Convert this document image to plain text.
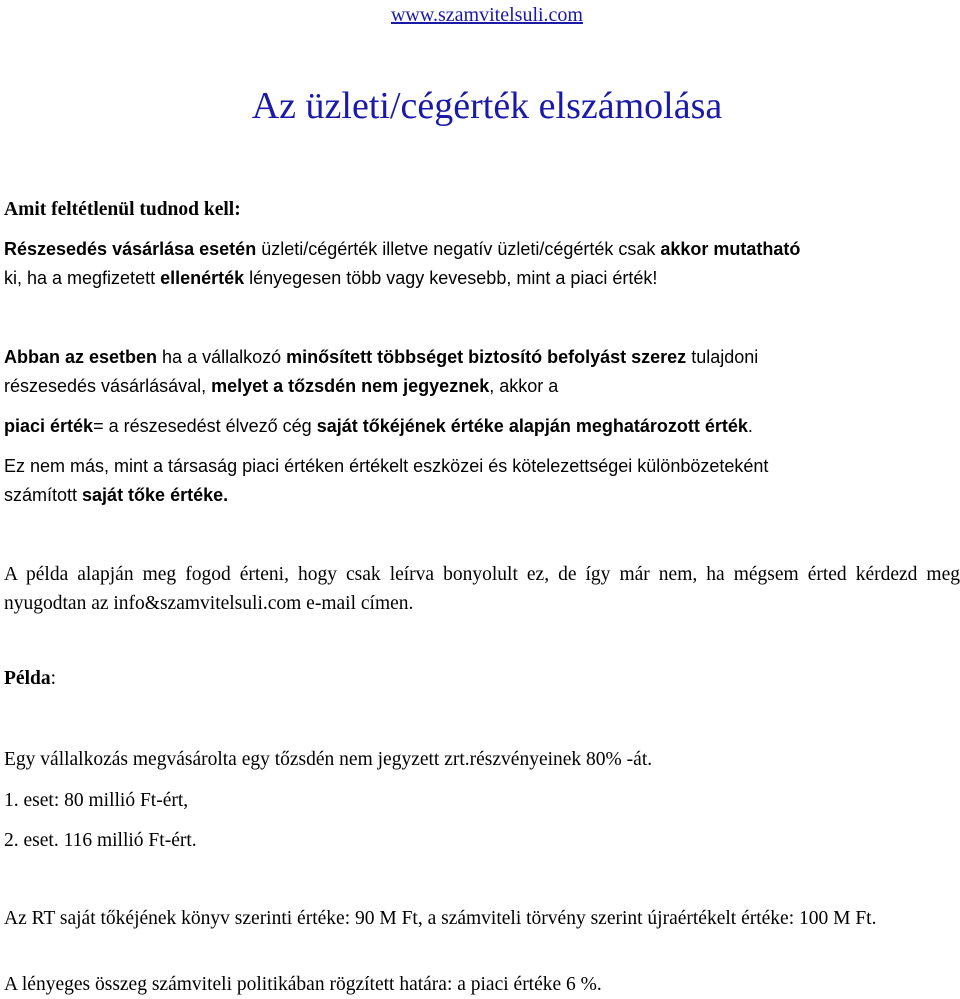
www.szamvitelsuli.com
Az üzleti/cégérték elszámolása

Amit feltétlenül tudnod kell:

Részesedés vásárlása esetén üzleti/cégérték illetve negatív üzleti/cégérték csak akkor mutatható
ki, ha a megfizetett ellenérték lényegesen több vagy kevesebb, mint a piaci érték!

Abban az esetben ha a vállalkozó minősített többséget biztosító befolyást szerez tulajdoni
részesedés vásárlásával, melyet a tőzsdén nem jegyeznek, akkor a

piaci érték= a részesedést élvező cég saját tőkéjének értéke alapján meghatározott érték.

Ez nem más, mint a társaság piaci értéken értékelt eszközei és kötelezettségei különbözeteként
számított saját tőke értéke.

A példa alapján meg fogod érteni, hogy csak leírva bonyolult ez, de így már nem, ha mégsem érted kérdezd meg nyugodtan az info&szamvitelsuli.com e-mail címen.

Példa:

Egy vállalkozás megvásárolta egy tőzsdén nem jegyzett zrt.részvényeinek 80% -át.

1. eset: 80 millió Ft-ért,

2. eset. 116 millió Ft-ért.

Az RT saját tőkéjének könyv szerinti értéke: 90 M Ft, a számviteli törvény szerint újraértékelt értéke: 100 M Ft.

A lényeges összeg számviteli politikában rögzített határa: a piaci értéke 6 %.
